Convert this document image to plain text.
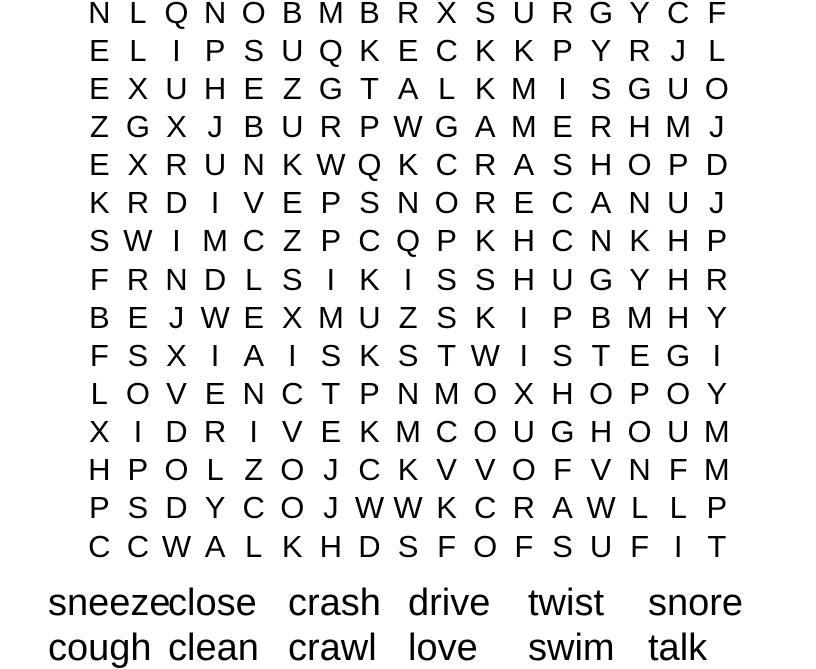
N L Q N O B M B R X S U R G Y C F
E L I P S U Q K E C K K P Y R J L
E X U H E Z G T A L K M I S G U O
Z G X J B U R P W G A M E R H M J
E X R U N K W Q K C R A S H O P D
K R D I V E P S N O R E C A N U J
S W I M C Z P C Q P K H C N K H P
F R N D L S I K I S S H U G Y H R
B E J W E X M U Z S K I P B M H Y
F S X I A I S K S T W I S T E G I
L O V E N C T P N M O X H O P O Y
X I D R I V E K M C O U G H O U M
H P O L Z O J C K V V O F V N F M
P S D Y C O J W W K C R A W L L P
C C W A L K H D S F O F S U F I T
sneeze
close crash drive twist	snore
cough clean crawl love	swim talk
